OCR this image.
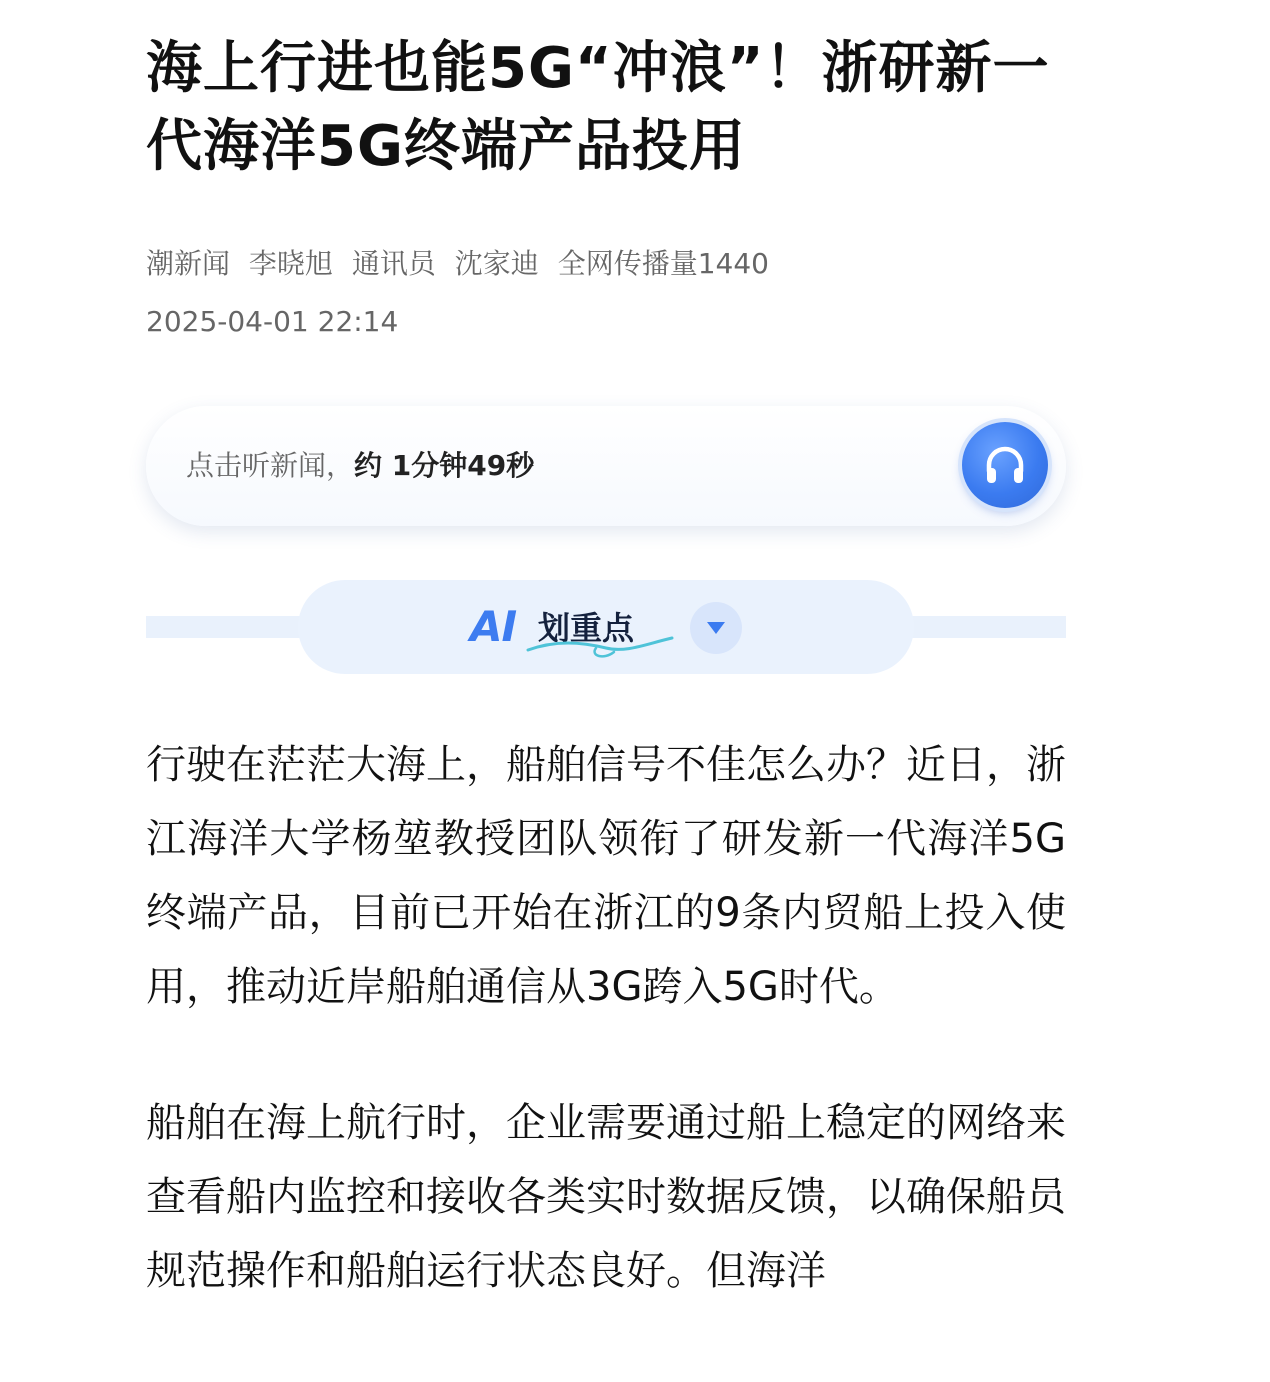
海上行进也能5G“冲浪”！浙研新一代海洋5G终端产品投用
潮新闻 李晓旭 通讯员 沈家迪 全网传播量1440
2025-04-01 22:14
点击听新闻，约 1分钟49秒
AI 划重点

行驶在茫茫大海上，船舶信号不佳怎么办？近日，浙江海洋大学杨堃教授团队领衔了研发新一代海洋5G终端产品，目前已开始在浙江的9条内贸船上投入使用，推动近岸船舶通信从3G跨入5G时代。

船舶在海上航行时，企业需要通过船上稳定的网络来查看船内监控和接收各类实时数据反馈，以确保船员规范操作和船舶运行状态良好。但海洋
